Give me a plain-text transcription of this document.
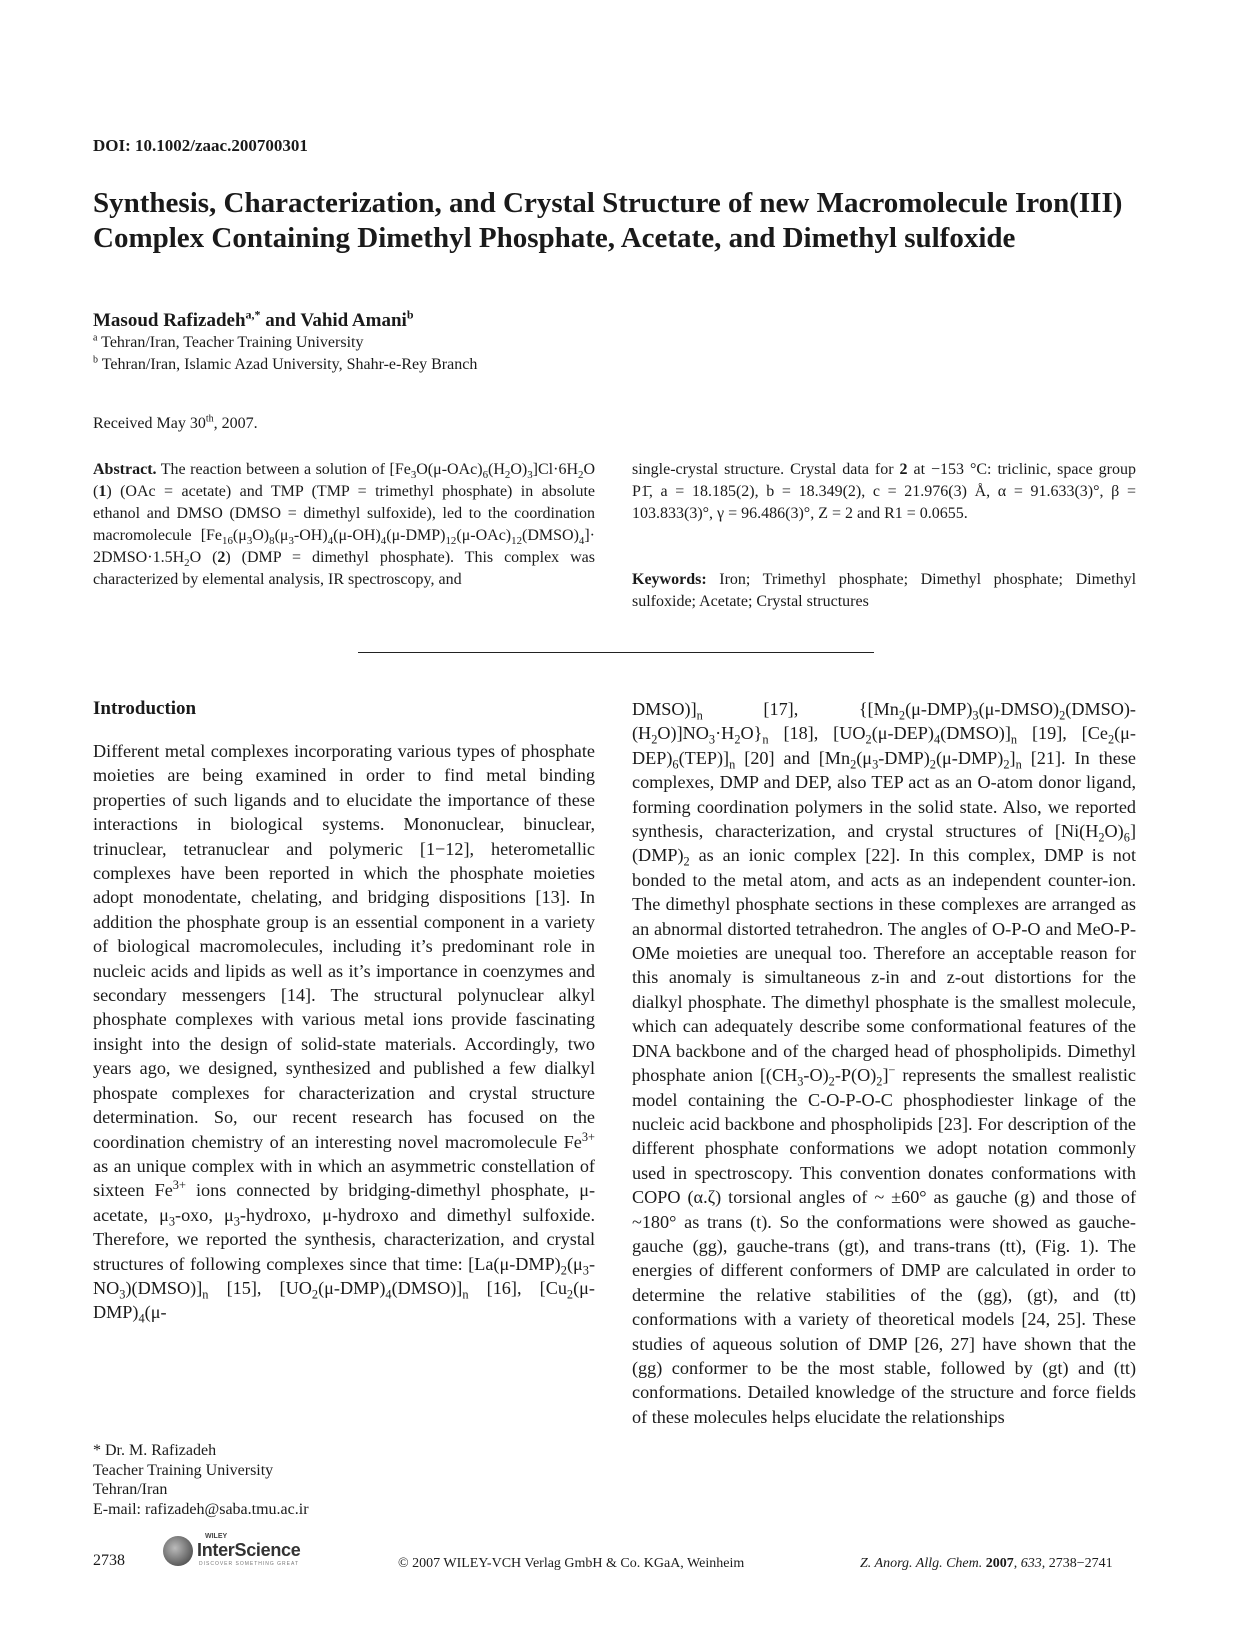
DOI: 10.1002/zaac.200700301
Synthesis, Characterization, and Crystal Structure of new Macromolecule Iron(III) Complex Containing Dimethyl Phosphate, Acetate, and Dimethyl sulfoxide
Masoud Rafizadeh$^{a,*}$ and Vahid Amani$^b$
$^a$ Tehran/Iran, Teacher Training University
$^b$ Tehran/Iran, Islamic Azad University, Shahr-e-Rey Branch
Received May 30th, 2007.
Abstract. The reaction between a solution of $[Fe_3O(\mu-OAc)_6(H_2O)_3]Cl\cdot 6H_2O$ (1) (OAc = acetate) and TMP (TMP = trimethyl phosphate) in absolute ethanol and DMSO (DMSO = dimethyl sulfoxide), led to the coordination macromolecule $[Fe_{16}(\mu_3O)_8(\mu_3-OH)_4(\mu-OH)_4(\mu-DMP)_{12}(\mu-OAc)_{12}(DMSO)_4]\cdot$ $2DMSO\cdot 1.5H_2O$ (2) (DMP = dimethyl phosphate). This complex was characterized by elemental analysis, IR spectroscopy, and
single-crystal structure. Crystal data for 2 at −153 °C: triclinic, space group P1̄, a = 18.185(2), b = 18.349(2), c = 21.976(3) Å, α = 91.633(3)°, β = 103.833(3)°, γ = 96.486(3)°, Z = 2 and R1 = 0.0655.
Keywords: Iron; Trimethyl phosphate; Dimethyl phosphate; Dimethyl sulfoxide; Acetate; Crystal structures
Introduction
Different metal complexes incorporating various types of phosphate moieties are being examined in order to find metal binding properties of such ligands and to elucidate the importance of these interactions in biological systems. Mononuclear, binuclear, trinuclear, tetranuclear and polymeric [1−12], heterometallic complexes have been reported in which the phosphate moieties adopt monodentate, chelating, and bridging dispositions [13]. In addition the phosphate group is an essential component in a variety of biological macromolecules, including it’s predominant role in nucleic acids and lipids as well as it’s importance in coenzymes and secondary messengers [14]. The structural polynuclear alkyl phosphate complexes with various metal ions provide fascinating insight into the design of solid-state materials. Accordingly, two years ago, we designed, synthesized and published a few dialkyl phospate complexes for characterization and crystal structure determination. So, our recent research has focused on the coordination chemistry of an interesting novel macromolecule $Fe^{3+}$ as an unique complex with in which an asymmetric constellation of sixteen $Fe^{3+}$ ions connected by bridging-dimethyl phosphate, μ-acetate, $\mu_3$-oxo, $\mu_3$-hydroxo, μ-hydroxo and dimethyl sulfoxide. Therefore, we reported the synthesis, characterization, and crystal structures of following complexes since that time: $[La(\mu-DMP)_2(\mu_3-NO_3)(DMSO)]_n$ [15], $[UO_2(\mu-DMP)_4(DMSO)]_n$ [16], [$Cu_2(\mu-DMP)_4(\mu-$
$DMSO)]_n$ [17], $\{[Mn_2(\mu-DMP)_3(\mu-DMSO)_2(DMSO)-(H_2O)]NO_3\cdot H_2O\}_n$ [18], $[UO_2(\mu-DEP)_4(DMSO)]_n$ [19], $[Ce_2(\mu-DEP)_6(TEP)]_n$ [20] and $[Mn_2(\mu_3-DMP)_2(\mu-DMP)_2]_n$ [21]. In these complexes, DMP and DEP, also TEP act as an O-atom donor ligand, forming coordination polymers in the solid state. Also, we reported synthesis, characterization, and crystal structures of $[Ni(H_2O)_6](DMP)_2$ as an ionic complex [22]. In this complex, DMP is not bonded to the metal atom, and acts as an independent counter-ion. The dimethyl phosphate sections in these complexes are arranged as an abnormal distorted tetrahedron. The angles of O-P-O and MeO-P-OMe moieties are unequal too. Therefore an acceptable reason for this anomaly is simultaneous z-in and z-out distortions for the dialkyl phosphate. The dimethyl phosphate is the smallest molecule, which can adequately describe some conformational features of the DNA backbone and of the charged head of phospholipids. Dimethyl phosphate anion $[(CH_3-O)_2-P(O)_2]^-$ represents the smallest realistic model containing the C-O-P-O-C phosphodiester linkage of the nucleic acid backbone and phospholipids [23]. For description of the different phosphate conformations we adopt notation commonly used in spectroscopy. This convention donates conformations with COPO (α.ζ) torsional angles of ~ ±60° as gauche (g) and those of ~180° as trans (t). So the conformations were showed as gauche-gauche (gg), gauche-trans (gt), and trans-trans (tt), (Fig. 1). The energies of different conformers of DMP are calculated in order to determine the relative stabilities of the (gg), (gt), and (tt) conformations with a variety of theoretical models [24, 25]. These studies of aqueous solution of DMP [26, 27] have shown that the (gg) conformer to be the most stable, followed by (gt) and (tt) conformations. Detailed knowledge of the structure and force fields of these molecules helps elucidate the relationships
* Dr. M. Rafizadeh
Teacher Training University
Tehran/Iran
E-mail: rafizadeh@saba.tmu.ac.ir
2738
WILEY
InterScience
DISCOVER SOMETHING GREAT	© 2007 WILEY-VCH Verlag GmbH & Co. KGaA, Weinheim	Z. Anorg. Allg. Chem. 2007, 633, 2738−2741
